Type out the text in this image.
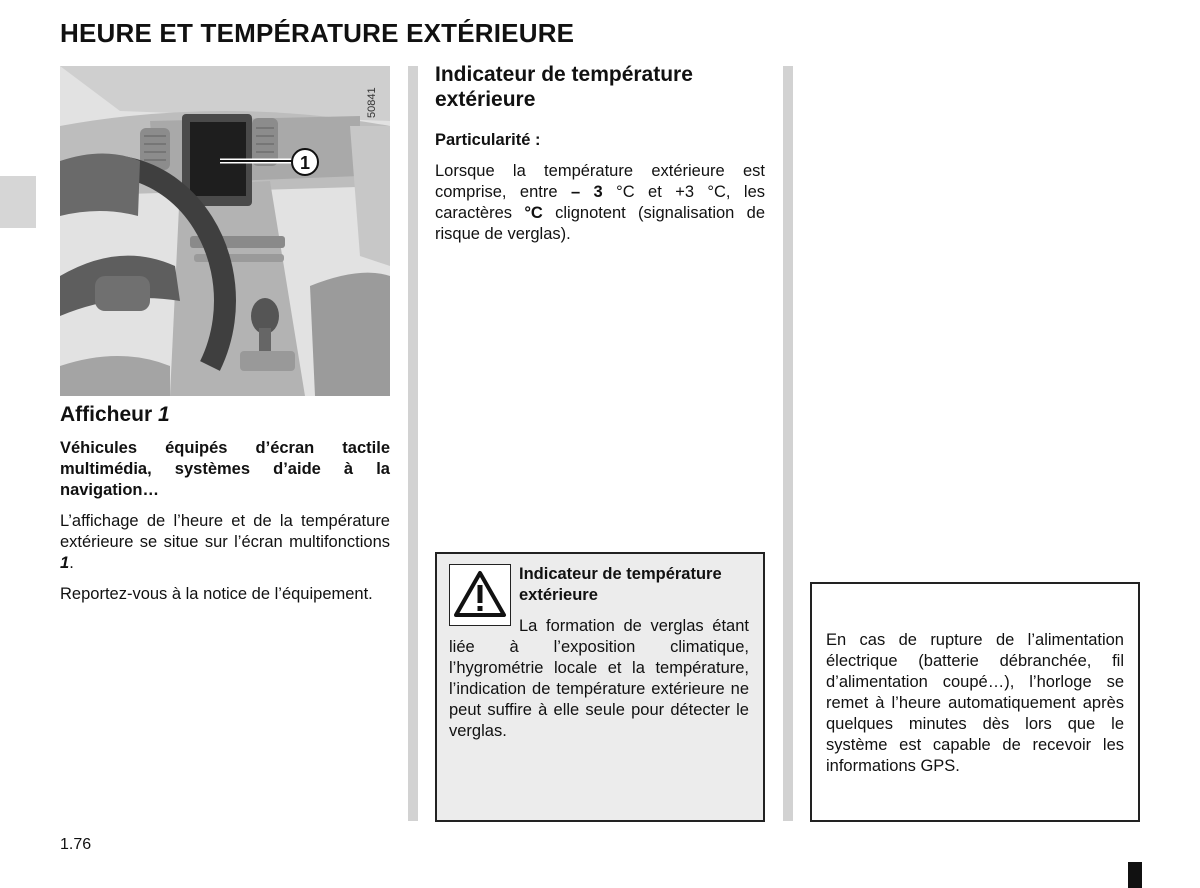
HEURE ET TEMPÉRATURE EXTÉRIEURE
1
50841
Afficheur 1

Véhicules équipés d’écran tactile multimédia, systèmes d’aide à la navigation…

L’affichage de l’heure et de la température extérieure se situe sur l’écran multifonctions 1.

Reportez-vous à la notice de l’équipement.

Indicateur de température extérieure

Particularité :

Lorsque la température extérieure est comprise, entre – 3 °C et +3 °C, les caractères °C clignotent (signalisation de risque de verglas).

Indicateur de température extérieure

La formation de verglas étant liée à l’exposition climatique, l’hygrométrie locale et la température, l’indication de température extérieure ne peut suffire à elle seule pour détecter le verglas.

En cas de rupture de l’alimentation électrique (batterie débranchée, fil d’alimentation coupé…), l’horloge se remet à l’heure automatiquement après quelques minutes dès lors que le système est capable de recevoir les informations GPS.

1.76
